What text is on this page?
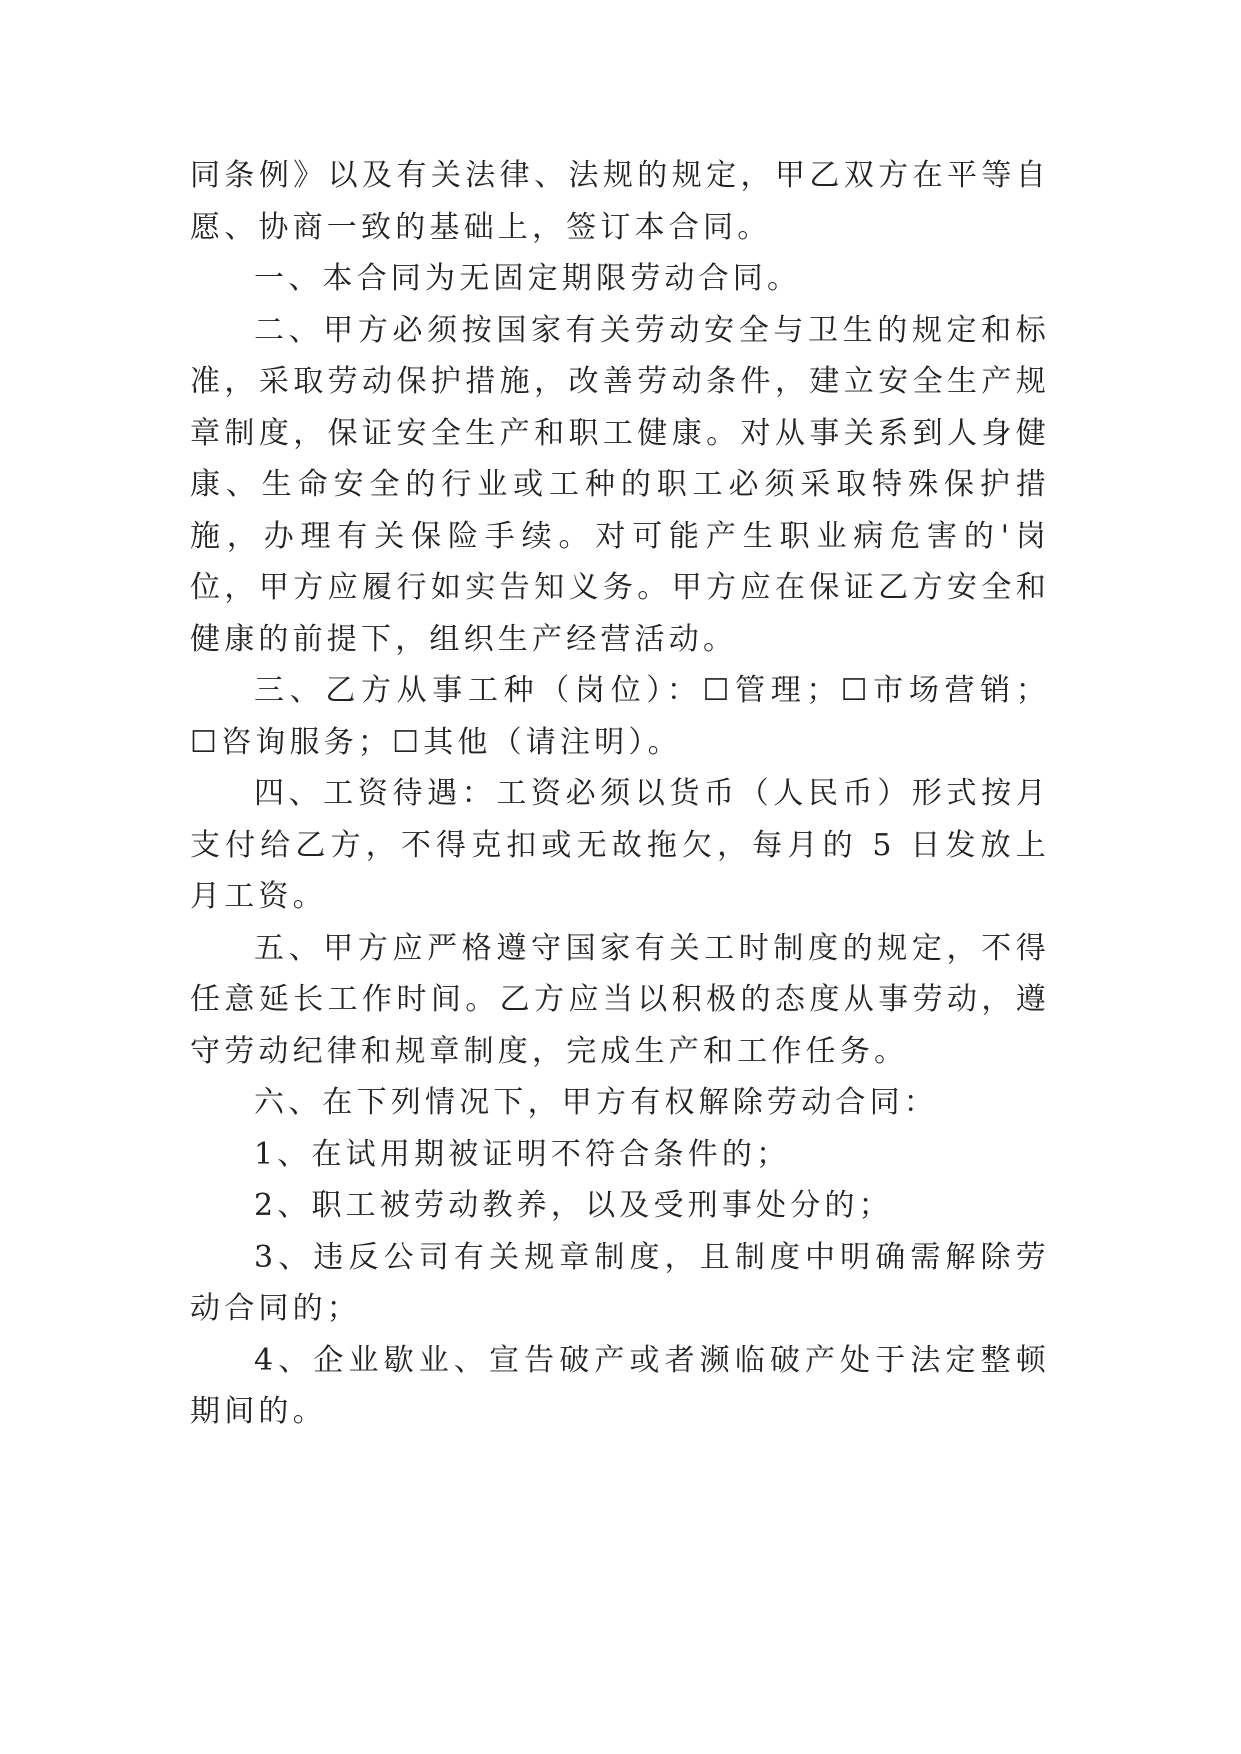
同条例》以及有关法律、法规的规定，甲乙双方在平等自愿、协商一致的基础上，签订本合同。

一、本合同为无固定期限劳动合同。

二、甲方必须按国家有关劳动安全与卫生的规定和标准，采取劳动保护措施，改善劳动条件，建立安全生产规章制度，保证安全生产和职工健康。对从事关系到人身健康、生命安全的行业或工种的职工必须采取特殊保护措施，办理有关保险手续。对可能产生职业病危害的'岗位，甲方应履行如实告知义务。甲方应在保证乙方安全和健康的前提下，组织生产经营活动。

三、乙方从事工种（岗位）：☐管理；☐市场营销；☐咨询服务；☐其他（请注明）。

四、工资待遇：工资必须以货币（人民币）形式按月支付给乙方，不得克扣或无故拖欠，每月的 5 日发放上月工资。

五、甲方应严格遵守国家有关工时制度的规定，不得任意延长工作时间。乙方应当以积极的态度从事劳动，遵守劳动纪律和规章制度，完成生产和工作任务。

六、在下列情况下，甲方有权解除劳动合同：

1、在试用期被证明不符合条件的；

2、职工被劳动教养，以及受刑事处分的；

3、违反公司有关规章制度，且制度中明确需解除劳动合同的；

4、企业歇业、宣告破产或者濒临破产处于法定整顿期间的。
